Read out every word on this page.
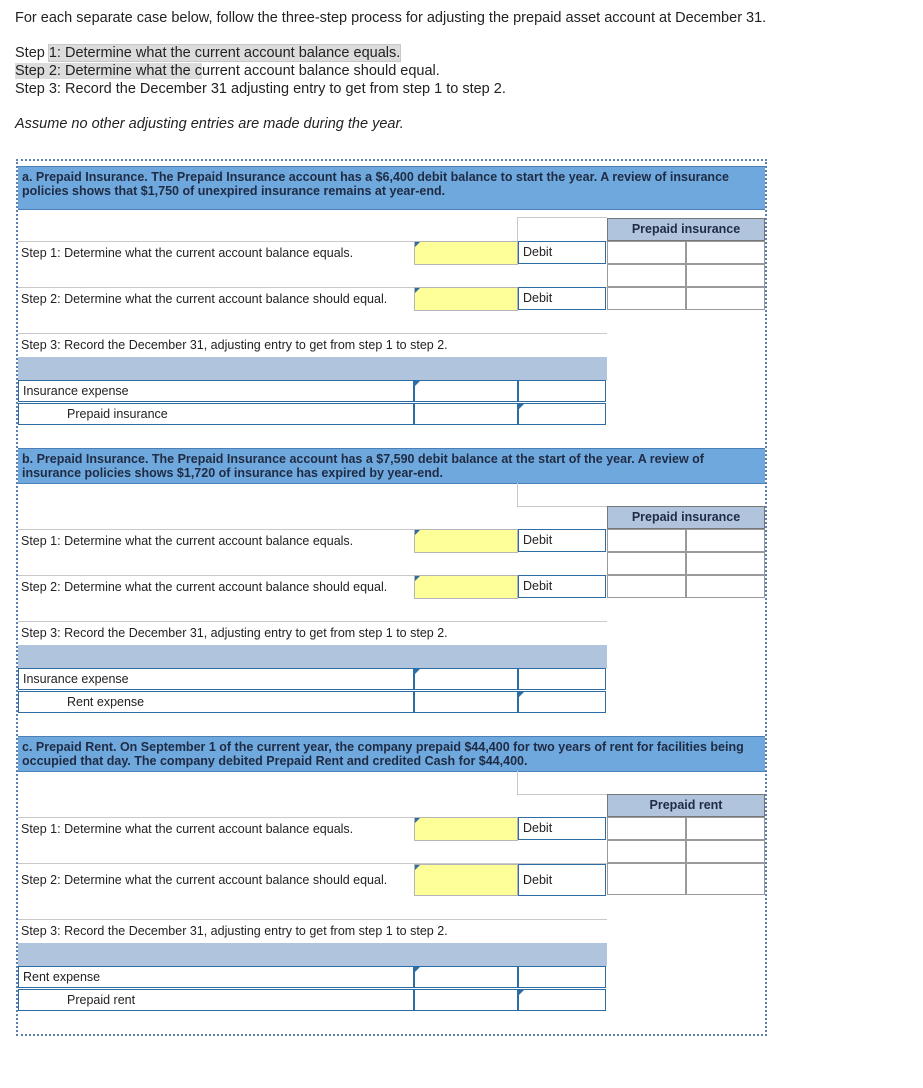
For each separate case below, follow the three-step process for adjusting the prepaid asset account at December 31.

Step 1: Determine what the current account balance equals.

Step 2: Determine what the current account balance should equal.

Step 3: Record the December 31 adjusting entry to get from step 1 to step 2.

Assume no other adjusting entries are made during the year.

a. Prepaid Insurance. The Prepaid Insurance account has a $6,400 debit balance to start the year. A review of insurance policies shows that $1,750 of unexpired insurance remains at year-end.
Prepaid insurance
Step 1: Determine what the current account balance equals.	Debit
Step 2: Determine what the current account balance should equal.	Debit
Step 3: Record the December 31, adjusting entry to get from step 1 to step 2.
Insurance expense
Prepaid insurance
b. Prepaid Insurance. The Prepaid Insurance account has a $7,590 debit balance at the start of the year. A review of insurance policies shows $1,720 of insurance has expired by year-end.
Prepaid insurance
Step 1: Determine what the current account balance equals.	Debit
Step 2: Determine what the current account balance should equal.	Debit
Step 3: Record the December 31, adjusting entry to get from step 1 to step 2.
Insurance expense
Rent expense
c. Prepaid Rent. On September 1 of the current year, the company prepaid $44,400 for two years of rent for facilities being occupied that day. The company debited Prepaid Rent and credited Cash for $44,400.
Prepaid rent
Step 1: Determine what the current account balance equals.	Debit
Step 2: Determine what the current account balance should equal.	Debit
Step 3: Record the December 31, adjusting entry to get from step 1 to step 2.
Rent expense
Prepaid rent
